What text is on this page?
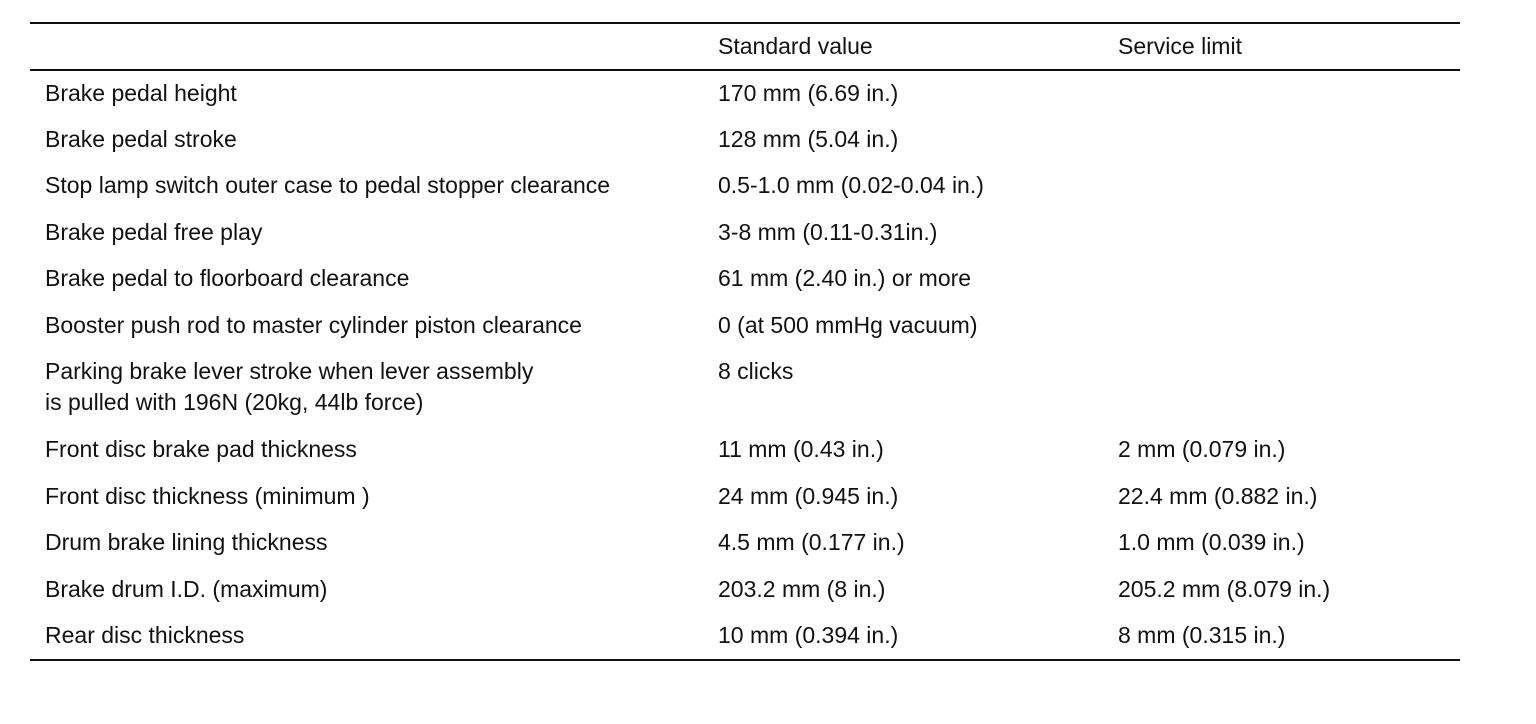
	Standard value	Service limit
Brake pedal height	170 mm (6.69 in.)	
Brake pedal stroke	128 mm (5.04 in.)	
Stop lamp switch outer case to pedal stopper clearance	0.5-1.0 mm (0.02-0.04 in.)	
Brake pedal free play	3-8 mm (0.11-0.31in.)	
Brake pedal to floorboard clearance	61 mm (2.40 in.) or more	
Booster push rod to master cylinder piston clearance	0 (at 500 mmHg vacuum)	
Parking brake lever stroke when lever assembly
is pulled with 196N (20kg, 44lb force)	8 clicks	
Front disc brake pad thickness	11 mm (0.43 in.)	2 mm (0.079 in.)
Front disc thickness (minimum )	24 mm (0.945 in.)	22.4 mm (0.882 in.)
Drum brake lining thickness	4.5 mm (0.177 in.)	1.0 mm (0.039 in.)
Brake drum I.D. (maximum)	203.2 mm (8 in.)	205.2 mm (8.079 in.)
Rear disc thickness	10 mm (0.394 in.)	8 mm (0.315 in.)
